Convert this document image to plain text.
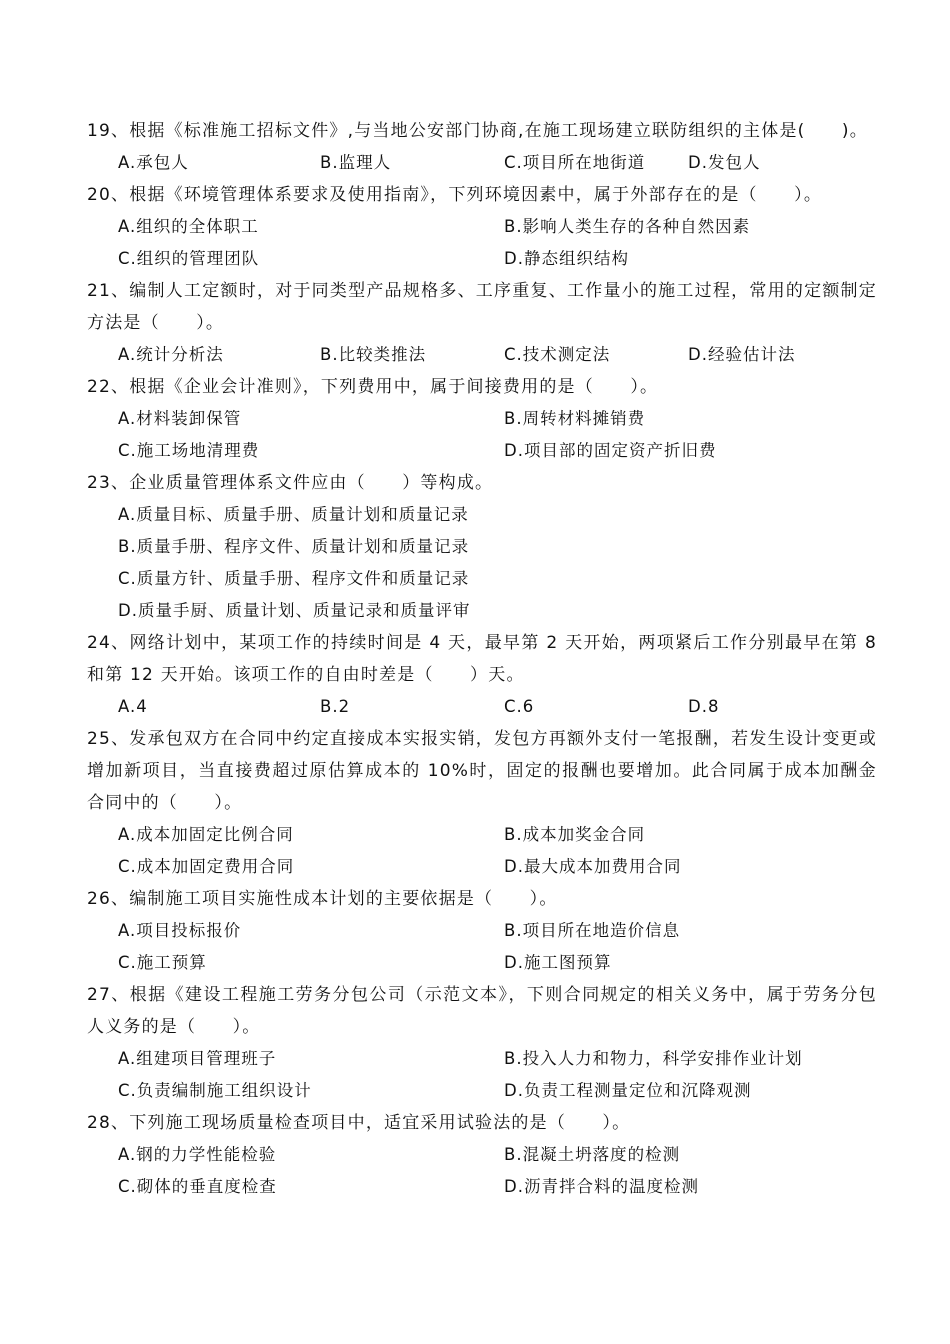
19、根据《标准施工招标文件》,与当地公安部门协商,在施工现场建立联防组织的主体是(　　)。
A.承包人	B.监理人	C.项目所在地街道	D.发包人
20、根据《环境管理体系要求及使用指南》，下列环境因素中，属于外部存在的是（　　）。
A.组织的全体职工	B.影响人类生存的各种自然因素
C.组织的管理团队	D.静态组织结构
21、编制人工定额时，对于同类型产品规格多、工序重复、工作量小的施工过程，常用的定额制定方法是（　　）。
A.统计分析法	B.比较类推法	C.技术测定法	D.经验估计法
22、根据《企业会计准则》，下列费用中，属于间接费用的是（　　）。
A.材料装卸保管	B.周转材料摊销费
C.施工场地清理费	D.项目部的固定资产折旧费
23、企业质量管理体系文件应由（　　）等构成。
A.质量目标、质量手册、质量计划和质量记录
B.质量手册、程序文件、质量计划和质量记录
C.质量方针、质量手册、程序文件和质量记录
D.质量手厨、质量计划、质量记录和质量评审
24、网络计划中，某项工作的持续时间是 4 天，最早第 2 天开始，两项紧后工作分别最早在第 8 和第 12 天开始。该项工作的自由时差是（　　）天。
A.4	B.2	C.6	D.8
25、发承包双方在合同中约定直接成本实报实销，发包方再额外支付一笔报酬，若发生设计变更或增加新项目，当直接费超过原估算成本的 10%时，固定的报酬也要增加。此合同属于成本加酬金合同中的（　　）。
A.成本加固定比例合同	B.成本加奖金合同
C.成本加固定费用合同	D.最大成本加费用合同
26、编制施工项目实施性成本计划的主要依据是（　　）。
A.项目投标报价	B.项目所在地造价信息
C.施工预算	D.施工图预算
27、根据《建设工程施工劳务分包公司（示范文本》，下则合同规定的相关义务中，属于劳务分包人义务的是（　　）。
A.组建项目管理班子	B.投入人力和物力，科学安排作业计划
C.负责编制施工组织设计	D.负责工程测量定位和沉降观测
28、下列施工现场质量检查项目中，适宜采用试验法的是（　　）。
A.钢的力学性能检验	B.混凝土坍落度的检测
C.砌体的垂直度检查	D.沥青拌合料的温度检测
